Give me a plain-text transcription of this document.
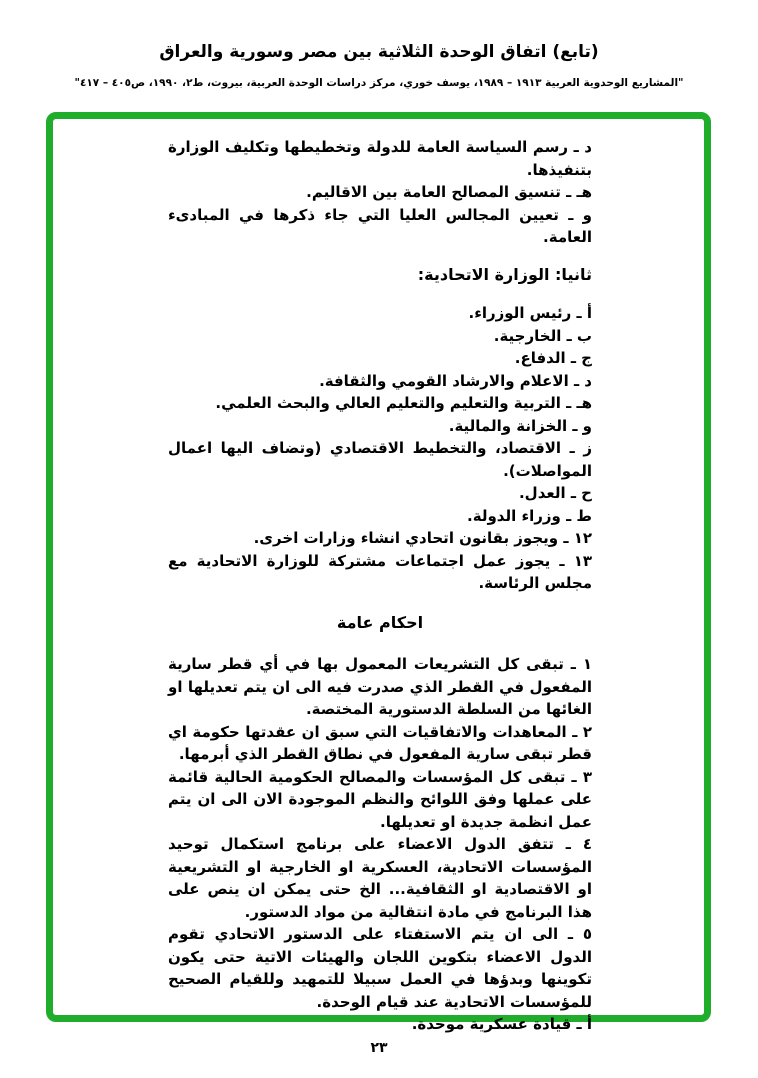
(تابع) اتفاق الوحدة الثلاثية بين مصر وسورية والعراق
"المشاريع الوحدوية العربية ١٩١٣ – ١٩٨٩، يوسف خوري، مركز دراسات الوحدة العربية، بيروت، ط٢، ١٩٩٠، ص٤٠٥ – ٤١٧"

د ـ رسم السياسة العامة للدولة وتخطيطها وتكليف الوزارة بتنفيذها.

هـ ـ تنسيق المصالح العامة بين الاقاليم.

و ـ تعيين المجالس العليا التي جاء ذكرها في المبادىء العامة.

ثانيا: الوزارة الاتحادية:

أ ـ رئيس الوزراء.

ب ـ الخارجية.

ج ـ الدفاع.

د ـ الاعلام والارشاد القومي والثقافة.

هـ ـ التربية والتعليم والتعليم العالي والبحث العلمي.

و ـ الخزانة والمالية.

ز ـ الاقتصاد، والتخطيط الاقتصادي (وتضاف اليها اعمال المواصلات).

ح ـ العدل.

ط ـ وزراء الدولة.

١٢ ـ ويجوز بقانون اتحادي انشاء وزارات اخرى.

١٣ ـ يجوز عمل اجتماعات مشتركة للوزارة الاتحادية مع مجلس الرئاسة.

احكام عامة

١ ـ تبقى كل التشريعات المعمول بها في أي قطر سارية المفعول في القطر الذي صدرت فيه الى ان يتم تعديلها او الغائها من السلطة الدستورية المختصة.

٢ ـ المعاهدات والاتفاقيات التي سبق ان عقدتها حكومة اي قطر تبقى سارية المفعول في نطاق القطر الذي أبرمها.

٣ ـ تبقى كل المؤسسات والمصالح الحكومية الحالية قائمة على عملها وفق اللوائح والنظم الموجودة الان الى ان يتم عمل انظمة جديدة او تعديلها.

٤ ـ تتفق الدول الاعضاء على برنامج استكمال توحيد المؤسسات الاتحادية، العسكرية او الخارجية او التشريعية او الاقتصادية او الثقافية... الخ حتى يمكن ان ينص على هذا البرنامج في مادة انتقالية من مواد الدستور.

٥ ـ الى ان يتم الاستفتاء على الدستور الاتحادي تقوم الدول الاعضاء بتكوين اللجان والهيئات الاتية حتى يكون تكوينها وبدؤها في العمل سبيلا للتمهيد وللقيام الصحيح للمؤسسات الاتحادية عند قيام الوحدة.

أ ـ قيادة عسكرية موحدة.

٢٣
